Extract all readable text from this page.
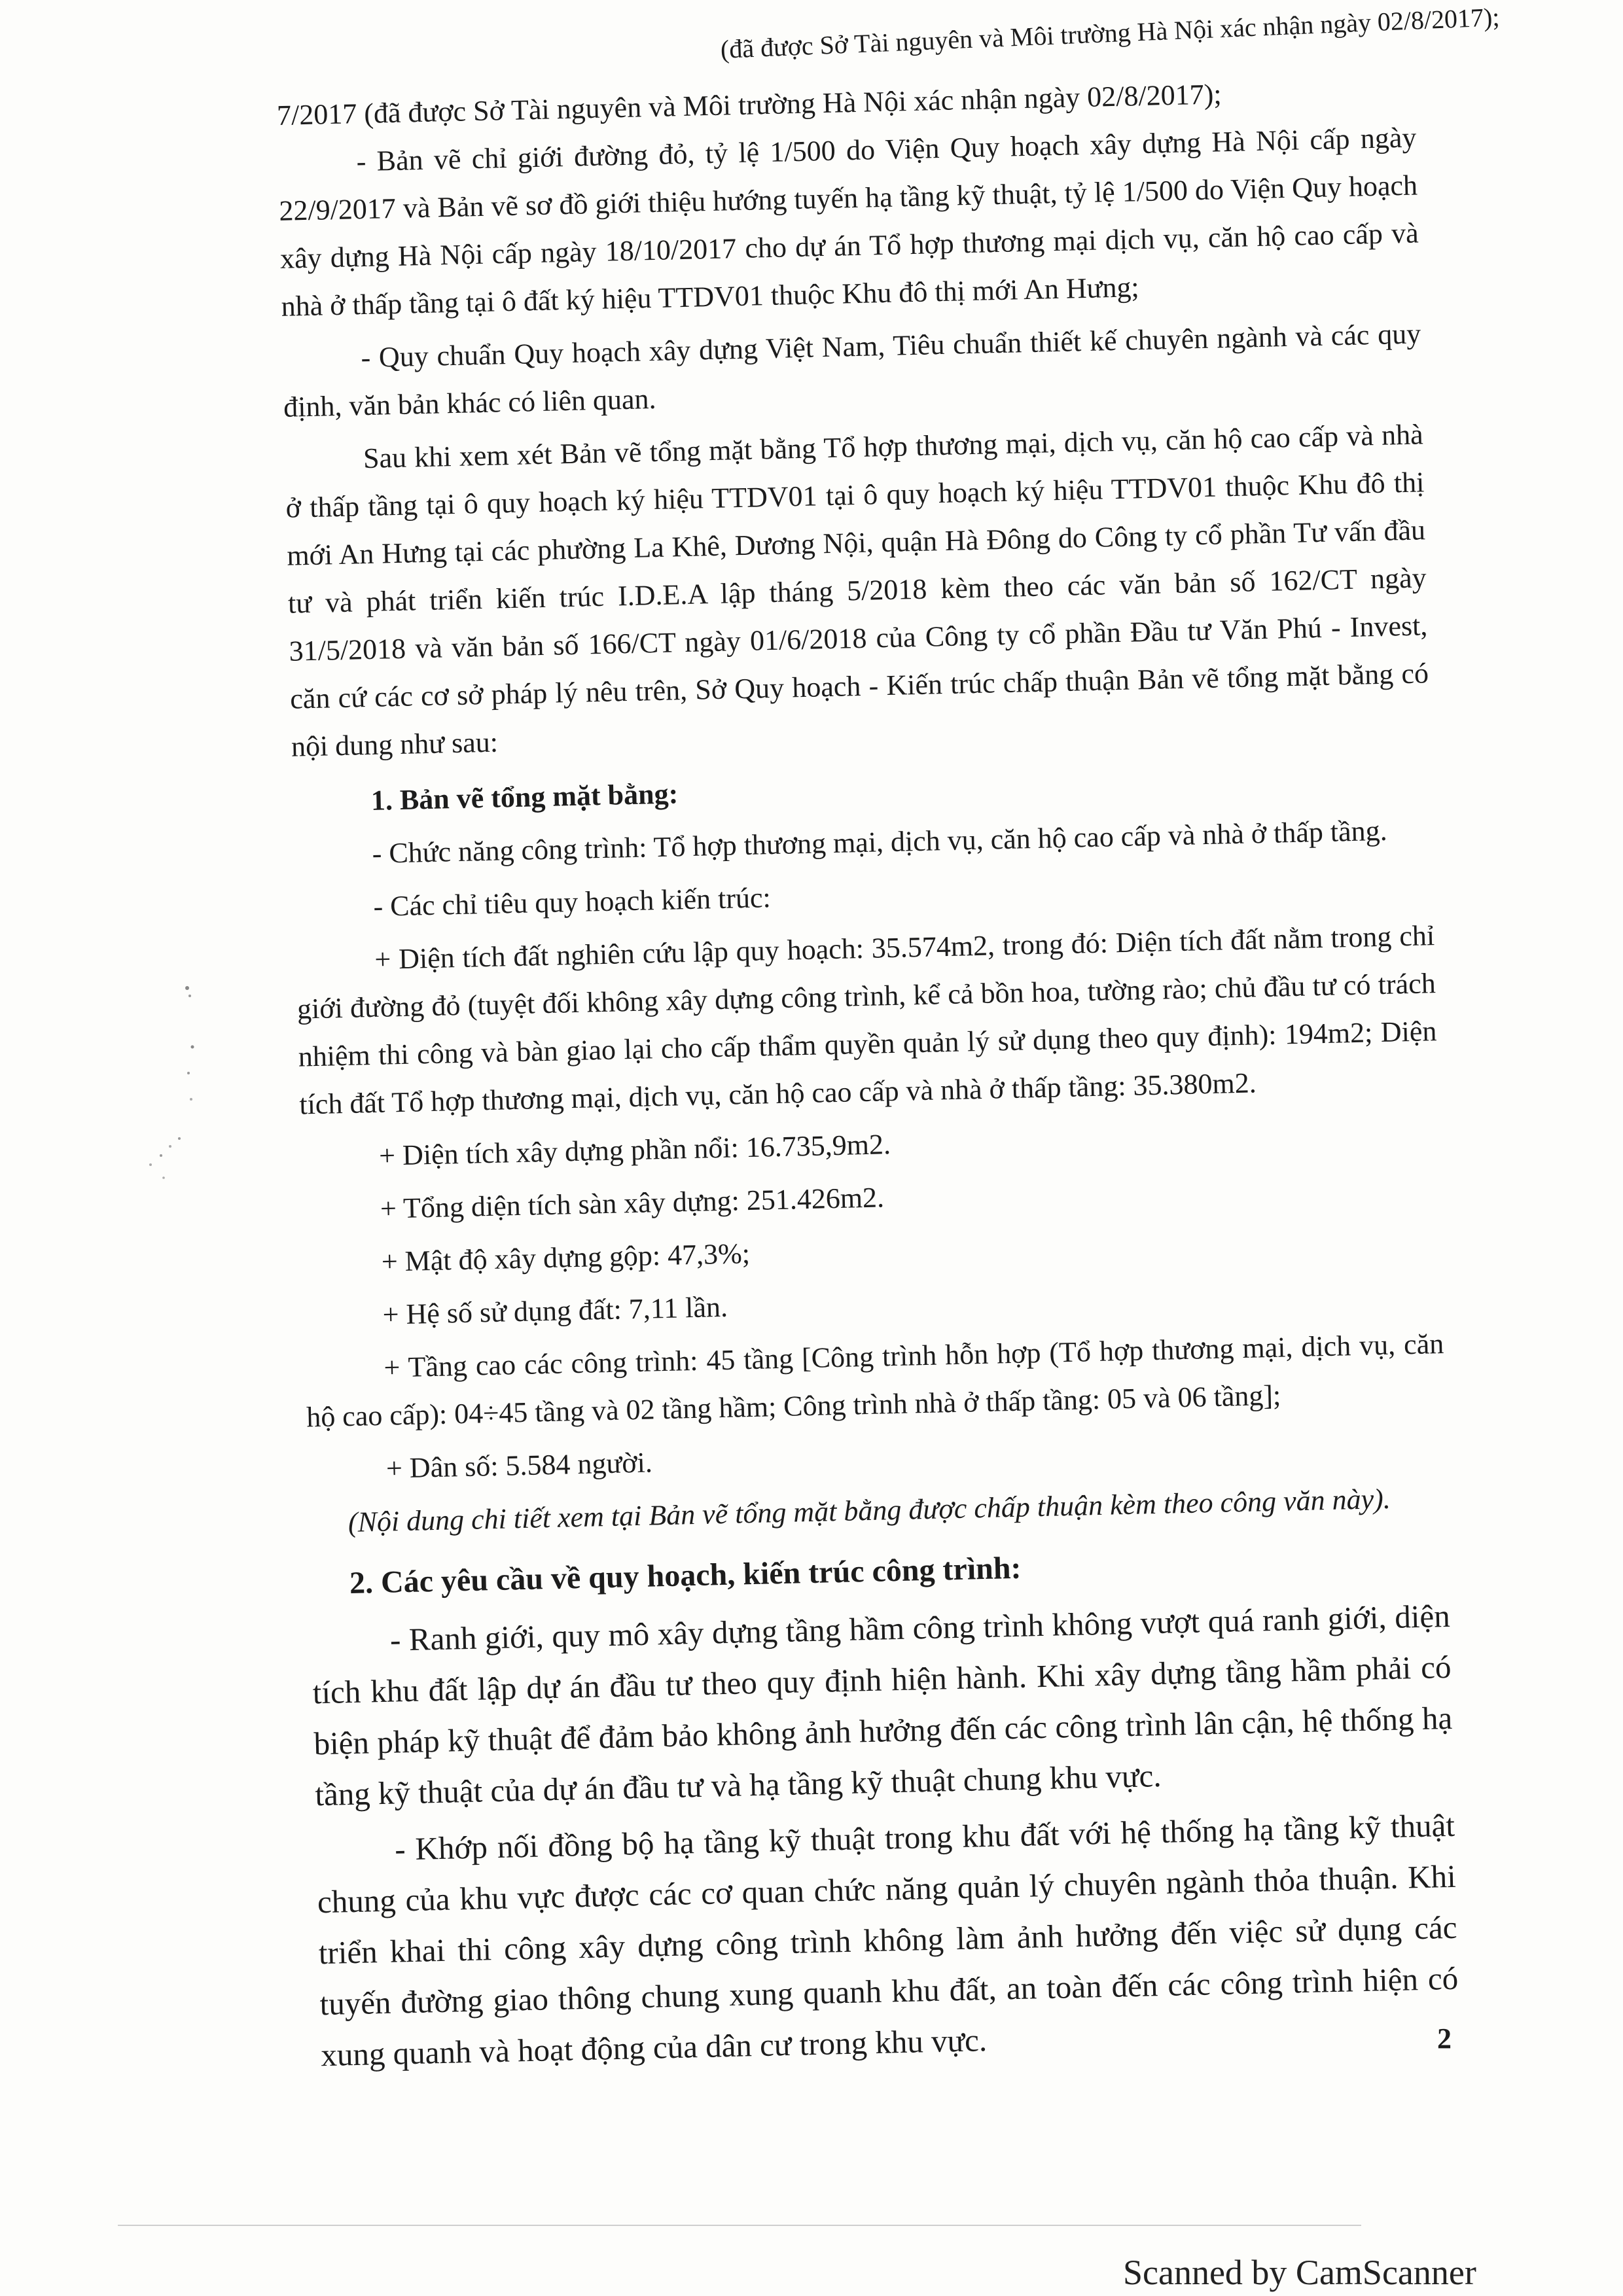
(đã được Sở Tài nguyên và Môi trường Hà Nội xác nhận ngày 02/8/2017);

7/2017 (đã được Sở Tài nguyên và Môi trường Hà Nội xác nhận ngày 02/8/2017);

- Bản vẽ chỉ giới đường đỏ, tỷ lệ 1/500 do Viện Quy hoạch xây dựng Hà Nội cấp ngày 22/9/2017 và Bản vẽ sơ đồ giới thiệu hướng tuyến hạ tầng kỹ thuật, tỷ lệ 1/500 do Viện Quy hoạch xây dựng Hà Nội cấp ngày 18/10/2017 cho dự án Tổ hợp thương mại dịch vụ, căn hộ cao cấp và nhà ở thấp tầng tại ô đất ký hiệu TTDV01 thuộc Khu đô thị mới An Hưng;

- Quy chuẩn Quy hoạch xây dựng Việt Nam, Tiêu chuẩn thiết kế chuyên ngành và các quy định, văn bản khác có liên quan.

Sau khi xem xét Bản vẽ tổng mặt bằng Tổ hợp thương mại, dịch vụ, căn hộ cao cấp và nhà ở thấp tầng tại ô quy hoạch ký hiệu TTDV01 tại ô quy hoạch ký hiệu TTDV01 thuộc Khu đô thị mới An Hưng tại các phường La Khê, Dương Nội, quận Hà Đông do Công ty cổ phần Tư vấn đầu tư và phát triển kiến trúc I.D.E.A lập tháng 5/2018 kèm theo các văn bản số 162/CT ngày 31/5/2018 và văn bản số 166/CT ngày 01/6/2018 của Công ty cổ phần Đầu tư Văn Phú - Invest, căn cứ các cơ sở pháp lý nêu trên, Sở Quy hoạch - Kiến trúc chấp thuận Bản vẽ tổng mặt bằng có nội dung như sau:

1. Bản vẽ tổng mặt bằng:

- Chức năng công trình: Tổ hợp thương mại, dịch vụ, căn hộ cao cấp và nhà ở thấp tầng.

- Các chỉ tiêu quy hoạch kiến trúc:

+ Diện tích đất nghiên cứu lập quy hoạch: 35.574m2, trong đó: Diện tích đất nằm trong chỉ giới đường đỏ (tuyệt đối không xây dựng công trình, kể cả bồn hoa, tường rào; chủ đầu tư có trách nhiệm thi công và bàn giao lại cho cấp thẩm quyền quản lý sử dụng theo quy định): 194m2; Diện tích đất Tổ hợp thương mại, dịch vụ, căn hộ cao cấp và nhà ở thấp tầng: 35.380m2.

+ Diện tích xây dựng phần nổi: 16.735,9m2.

+ Tổng diện tích sàn xây dựng: 251.426m2.

+ Mật độ xây dựng gộp: 47,3%;

+ Hệ số sử dụng đất: 7,11 lần.

+ Tầng cao các công trình: 45 tầng [Công trình hỗn hợp (Tổ hợp thương mại, dịch vụ, căn hộ cao cấp): 04÷45 tầng và 02 tầng hầm; Công trình nhà ở thấp tầng: 05 và 06 tầng];

+ Dân số: 5.584 người.

(Nội dung chi tiết xem tại Bản vẽ tổng mặt bằng được chấp thuận kèm theo công văn này).

2. Các yêu cầu về quy hoạch, kiến trúc công trình:

- Ranh giới, quy mô xây dựng tầng hầm công trình không vượt quá ranh giới, diện tích khu đất lập dự án đầu tư theo quy định hiện hành. Khi xây dựng tầng hầm phải có biện pháp kỹ thuật để đảm bảo không ảnh hưởng đến các công trình lân cận, hệ thống hạ tầng kỹ thuật của dự án đầu tư và hạ tầng kỹ thuật chung khu vực.

- Khớp nối đồng bộ hạ tầng kỹ thuật trong khu đất với hệ thống hạ tầng kỹ thuật chung của khu vực được các cơ quan chức năng quản lý chuyên ngành thỏa thuận. Khi triển khai thi công xây dựng công trình không làm ảnh hưởng đến việc sử dụng các tuyến đường giao thông chung xung quanh khu đất, an toàn đến các công trình hiện có xung quanh và hoạt động của dân cư trong khu vực.	2
Scanned by CamScanner
